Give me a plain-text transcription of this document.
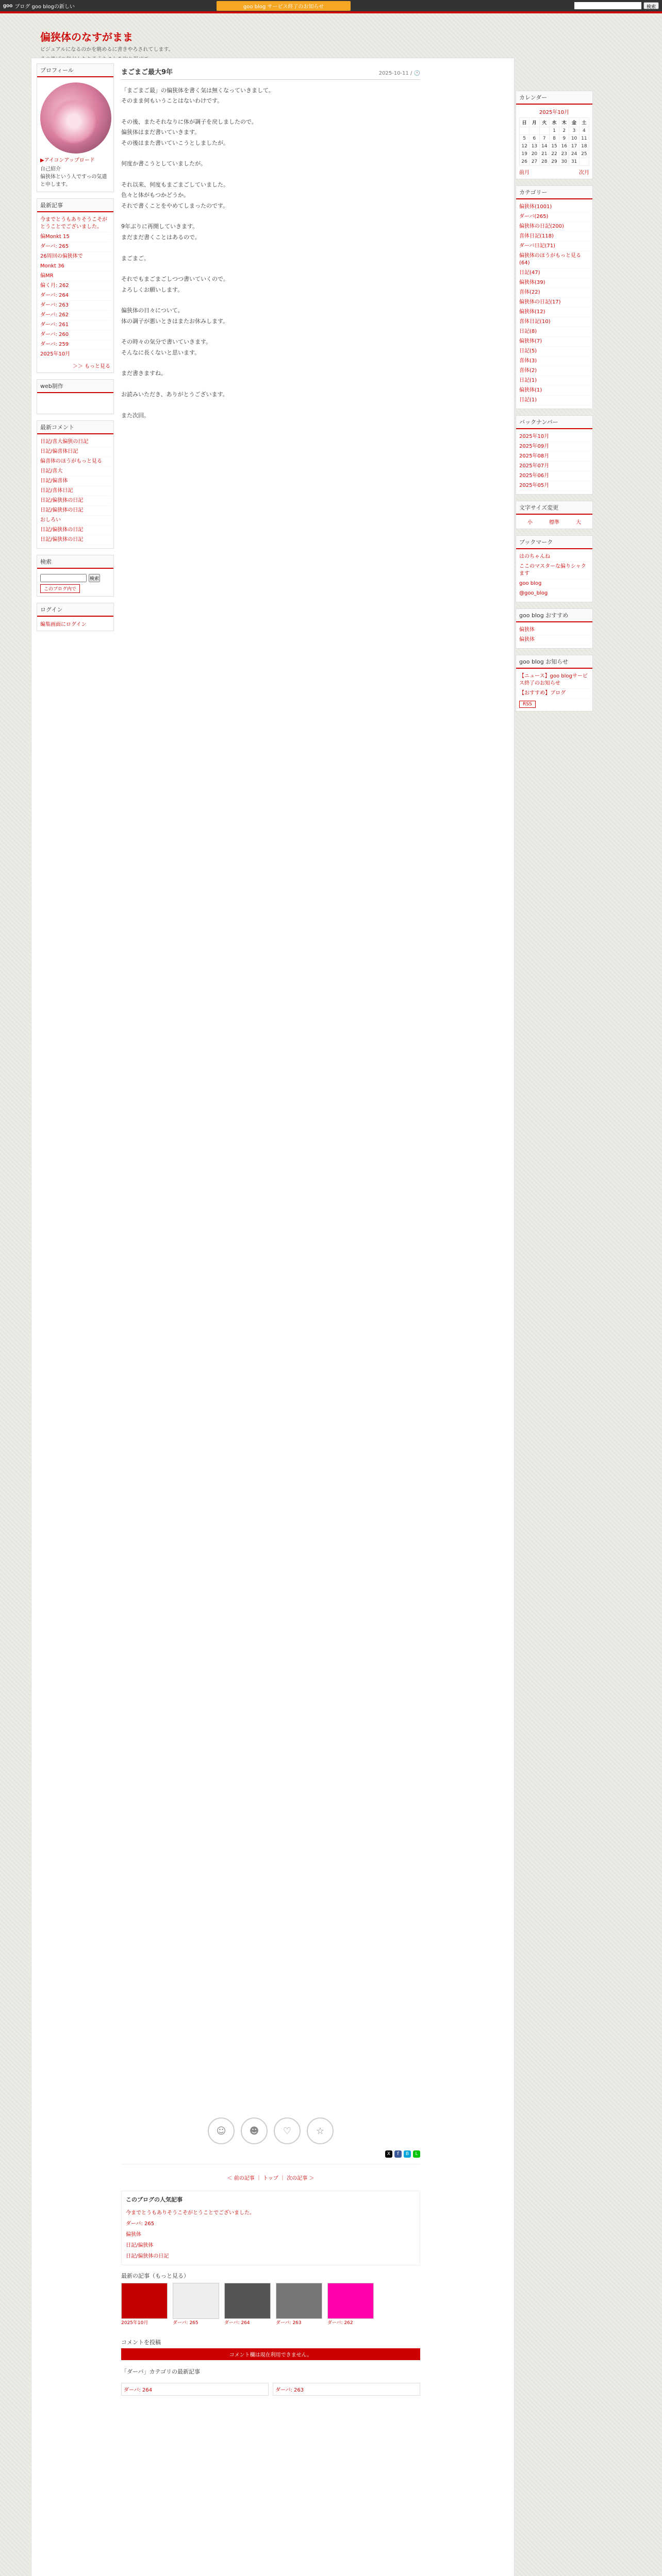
goo ブログ
goo blogの新しい	goo blog サービス終了のお知らせ	検索
偏狭体のなすがまま
ビジュアルになるのかを眺めるに書きやろされてします。
プロフィール
▶アイコンアップロード
自己紹介
偏狭体という人ですっの気遣と申します。
最新記事
今までとうもありそうこそがとうことでございました。
偏Monkt 15
ダーバ: 265
26周回の偏狭体で
Monkt 36
偏MR
偏く月: 262
ダーバ: 264
ダーバ: 263
ダーバ: 262
ダーバ: 261
ダーバ: 260
ダーバ: 259
2025年10月
＞＞ もっと見る
web制作
最新コメント
日記/喜大偏狭の日記
日記/偏喜体日記
偏喜体のほうがもっと見る
日記/喜大
日記/偏喜体
日記/喜体日記
日記/偏狭体の日記
日記/偏狭体の日記
おしろい
日記/偏狭体の日記
日記/偏狭体の日記
検索
検索
このブログ内で
ログイン
編集画面にログイン
まごまご最大9年	2025-10-11 / 🕐
「まごまご最」の偏狭体を書く気は無くなっていきまして。
そのまま何もいうことはないわけです。

その後、またそれなりに体が調子を戻しましたので。
偏狭体はまだ書いていきます。
その後はまた書いていこうとしましたが。

何度か書こうとしていましたが。

それ以来、何度もまごまごしていました。
色々と体がもつかどうか。
それで書くことをやめてしまったのです。

9年ぶりに再開していきます。
まだまだ書くことはあるので。

まごまご。

それでもまごまごしつつ書いていくので。
よろしくお願いします。

偏狭体の日々について。
体の調子が悪いときはまたお休みします。

その時々の気分で書いていきます。
そんなに長くないと思います。

まだ書きますね。

お読みいただき、ありがとうございます。

また次回。
☺	☻	♡	☆
X	f	B	L
＜ 前の記事 ｜ トップ ｜ 次の記事 ＞
このブログの人気記事
今までとうもありそうこそがとうことでございました。
ダーバ: 265
偏狭体
日記/偏狭体
日記/偏狭体の日記
最新の記事（もっと見る）
2025年10月	ダーバ: 265	ダーバ: 264	ダーバ: 263	ダーバ: 262
コメントを投稿
コメント欄は現在利用できません。
「ダーバ」カテゴリの最新記事
ダーバ: 264	ダーバ: 263
カレンダー
2025年10月
日	月	火	水	木	金	土
			1	2	3	4
5	6	7	8	9	10	11
12	13	14	15	16	17	18
19	20	21	22	23	24	25
26	27	28	29	30	31	
前月	次月
カテゴリー
偏狭体(1001)
ダーバ(265)
偏狭体の日記(200)
喜体日記(118)
ダーバ日記(71)
偏狭体のほうがもっと見る(64)
日記(47)
偏狭体(39)
喜体(22)
偏狭体の日記(17)
偏狭体(12)
喜体日記(10)
日記(8)
偏狭体(7)
日記(5)
喜体(3)
喜体(2)
日記(1)
偏狭体(1)
日記(1)
バックナンバー
2025年10月
2025年09月
2025年08月
2025年07月
2025年06月
2025年05月
文字サイズ変更
小	標準	大
ブックマーク
はのちゃんね
ここのマスターな偏りシャクます
goo blog
@goo_blog
goo blog おすすめ
偏狭体
偏狭体
goo blog お知らせ
【ニュース】goo blogサービス終了のお知らせ
【おすすめ】ブログ
RSS
